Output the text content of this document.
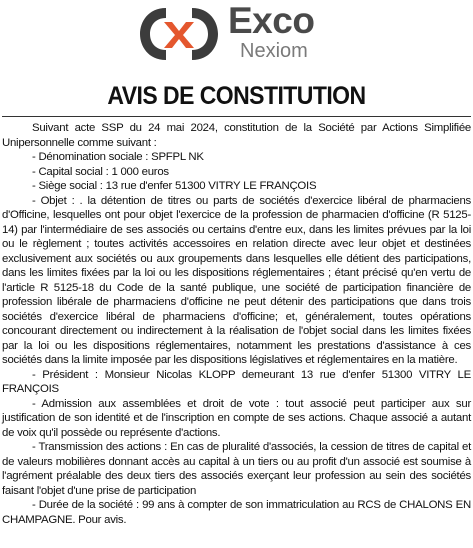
Exco
Nexiom
AVIS DE CONSTITUTION

Suivant acte SSP du 24 mai 2024, constitution de la Société par Actions Simplifiée Unipersonnelle comme suivant :

- Dénomination sociale : SPFPL NK

- Capital social : 1 000 euros

- Siège social : 13 rue d'enfer 51300 VITRY LE FRANÇOIS

- Objet : . la détention de titres ou parts de sociétés d'exercice libéral de pharmaciens d'Officine, lesquelles ont pour objet l'exercice de la profession de pharmacien d'officine (R 5125-14) par l'intermédiaire de ses associés ou certains d'entre eux, dans les limites prévues par la loi ou le règlement ; toutes activités accessoires en relation directe avec leur objet et destinées exclusivement aux sociétés ou aux groupements dans lesquelles elle détient des participations, dans les limites fixées par la loi ou les dispositions réglementaires ; étant précisé qu'en vertu de l'article R 5125-18 du Code de la santé publique, une société de participation financière de profession libérale de pharmaciens d'officine ne peut détenir des participations que dans trois sociétés d'exercice libéral de pharmaciens d'officine; et, généralement, toutes opérations concourant directement ou indirectement à la réalisation de l'objet social dans les limites fixées par la loi ou les dispositions réglementaires, notamment les prestations d'assistance à ces sociétés dans la limite imposée par les dispositions législatives et réglementaires en la matière.

- Président : Monsieur Nicolas KLOPP demeurant 13 rue d'enfer 51300 VITRY LE FRANÇOIS

- Admission aux assemblées et droit de vote : tout associé peut participer aux sur justification de son identité et de l'inscription en compte de ses actions. Chaque associé a autant de voix qu'il possède ou représente d'actions.

- Transmission des actions : En cas de pluralité d'associés, la cession de titres de capital et de valeurs mobilières donnant accès au capital à un tiers ou au profit d'un associé est soumise à l'agrément préalable des deux tiers des associés exerçant leur profession au sein des sociétés faisant l'objet d'une prise de participation

- Durée de la société : 99 ans à compter de son immatriculation au RCS de CHALONS EN CHAMPAGNE. Pour avis.
